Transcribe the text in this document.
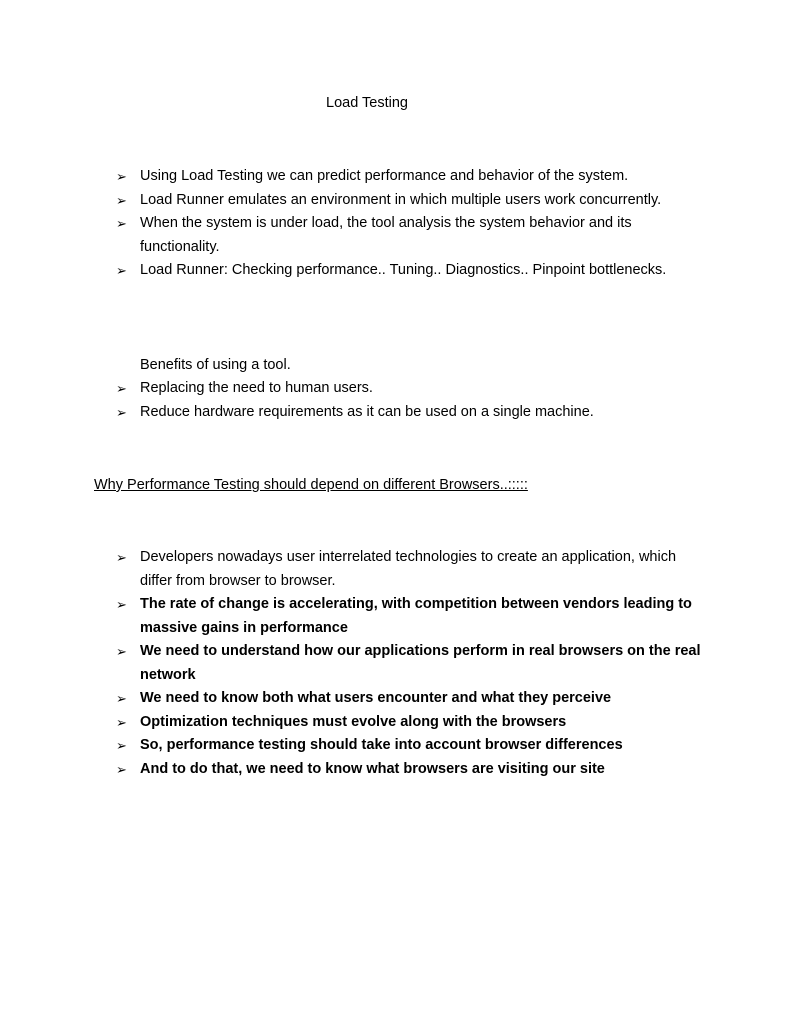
Load Testing
➢ Using Load Testing we can predict performance and behavior of the system.
➢ Load Runner emulates an environment in which multiple users work concurrently.
➢ When the system is under load, the tool analysis the system behavior and its functionality.
➢ Load Runner: Checking performance.. Tuning.. Diagnostics.. Pinpoint bottlenecks.

Benefits of using a tool.

➢ Replacing the need to human users.
➢ Reduce hardware requirements as it can be used on a single machine.
Why Performance Testing should depend on different Browsers..:::::
➢ Developers nowadays user interrelated technologies to create an application, which differ from browser to browser.
➢ The rate of change is accelerating, with competition between vendors leading to massive gains in performance
➢ We need to understand how our applications perform in real browsers on the real network
➢ We need to know both what users encounter and what they perceive
➢ Optimization techniques must evolve along with the browsers
➢ So, performance testing should take into account browser differences
➢ And to do that, we need to know what browsers are visiting our site
